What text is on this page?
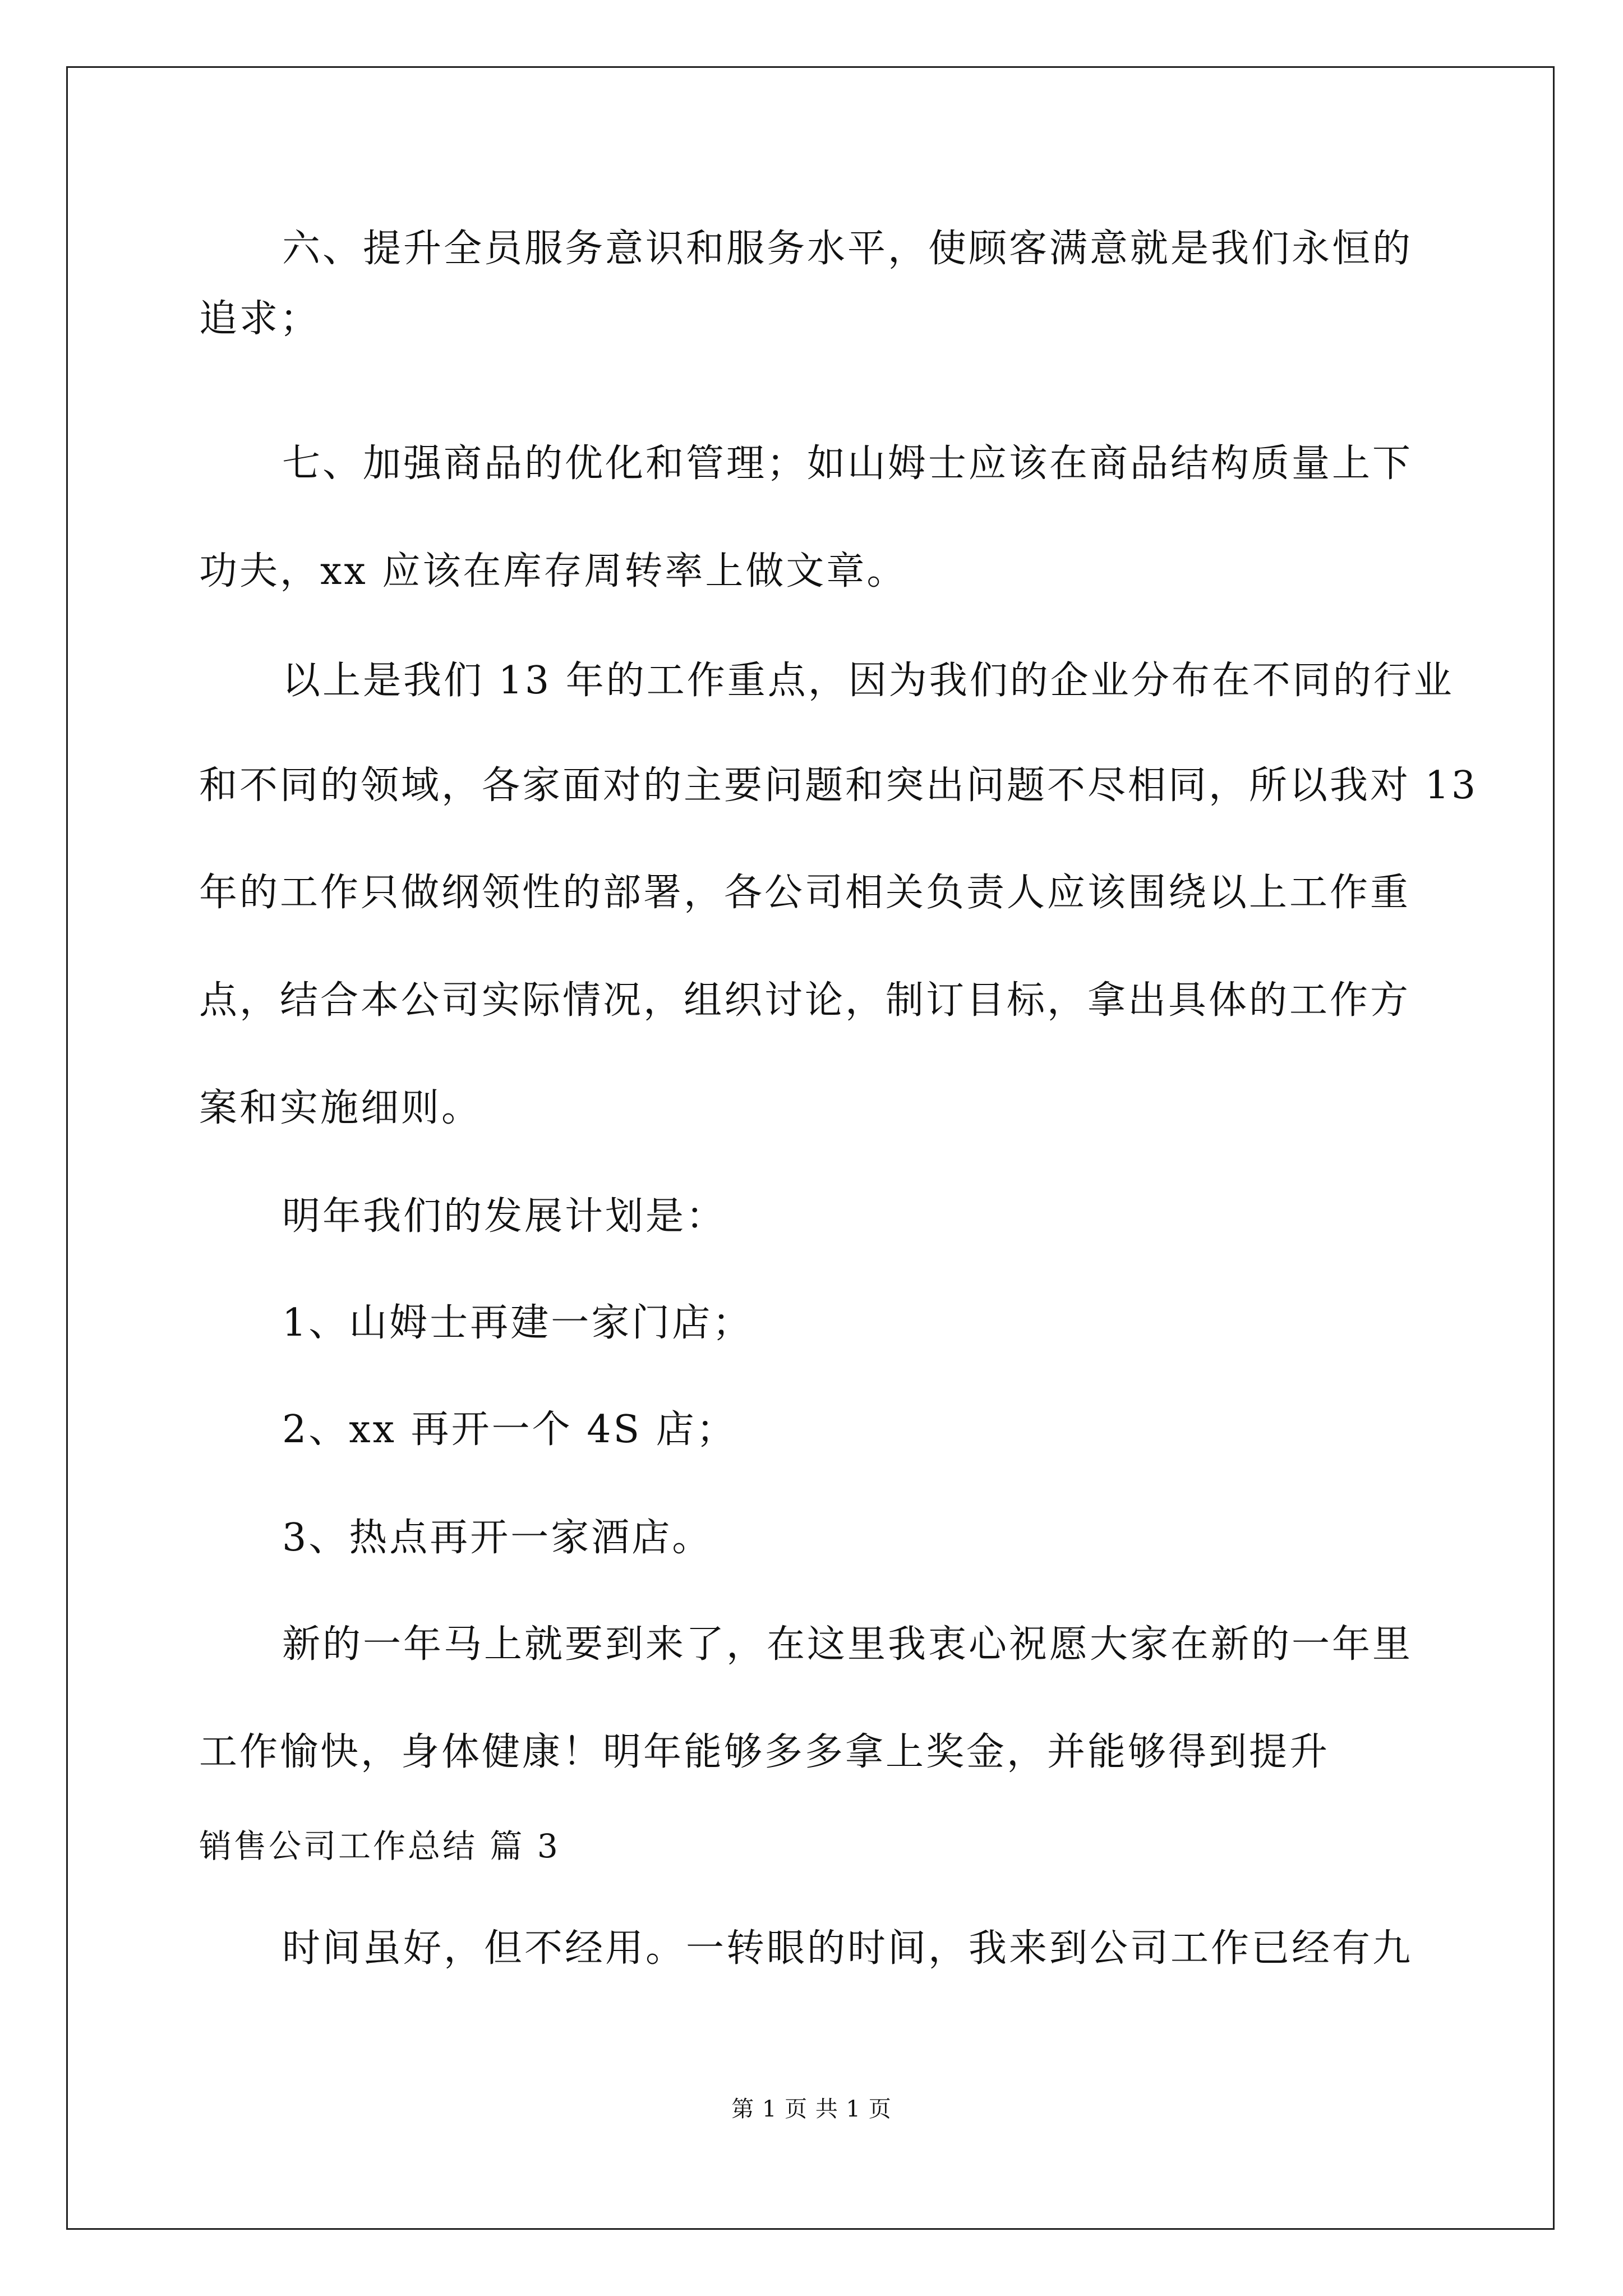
六、提升全员服务意识和服务水平，使顾客满意就是我们永恒的
追求；
七、加强商品的优化和管理；如山姆士应该在商品结构质量上下
功夫，xx 应该在库存周转率上做文章。
以上是我们 13 年的工作重点，因为我们的企业分布在不同的行业
和不同的领域，各家面对的主要问题和突出问题不尽相同，所以我对 13
年的工作只做纲领性的部署，各公司相关负责人应该围绕以上工作重
点，结合本公司实际情况，组织讨论，制订目标，拿出具体的工作方
案和实施细则。
明年我们的发展计划是：
1、山姆士再建一家门店；
2、xx 再开一个 4S 店；
3、热点再开一家酒店。
新的一年马上就要到来了，在这里我衷心祝愿大家在新的一年里
工作愉快，身体健康！明年能够多多拿上奖金，并能够得到提升
销售公司工作总结 篇 3
时间虽好，但不经用。一转眼的时间，我来到公司工作已经有九
第 1 页 共 1 页
